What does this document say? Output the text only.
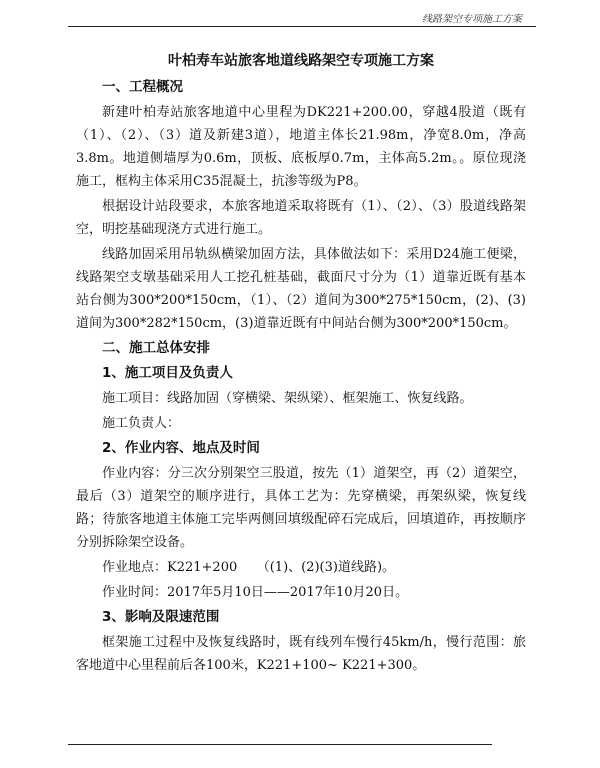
线路架空专项施工方案
叶柏寿车站旅客地道线路架空专项施工方案
一、工程概况

新建叶柏寿站旅客地道中心里程为DK221+200.00，穿越4股道（既有（1）、（2）、（3）道及新建3道），地道主体长21.98m，净宽8.0m，净高3.8m。地道侧墙厚为0.6m，顶板、底板厚0.7m，主体高5.2m。。原位现浇施工，框构主体采用C35混凝土，抗渗等级为P8。

根据设计站段要求，本旅客地道采取将既有（1）、（2）、（3）股道线路架空，明挖基础现浇方式进行施工。

线路加固采用吊轨纵横梁加固方法，具体做法如下：采用D24施工便梁，线路架空支墩基础采用人工挖孔桩基础，截面尺寸分为（1）道靠近既有基本站台侧为300*200*150cm，（1）、（2）道间为300*275*150cm，(2)、(3)道间为300*282*150cm，(3)道靠近既有中间站台侧为300*200*150cm。

二、施工总体安排
1、施工项目及负责人

施工项目：线路加固（穿横梁、架纵梁）、框架施工、恢复线路。

施工负责人：

2、作业内容、地点及时间

作业内容：分三次分别架空三股道，按先（1）道架空，再（2）道架空，最后（3）道架空的顺序进行，具体工艺为：先穿横梁，再架纵梁，恢复线路；待旅客地道主体施工完毕两侧回填级配碎石完成后，回填道砟，再按顺序分别拆除架空设备。

作业地点：K221+200　　（(1)、(2)(3)道线路)。

作业时间：2017年5月10日——2017年10月20日。

3、影响及限速范围

框架施工过程中及恢复线路时，既有线列车慢行45km/h，慢行范围：旅客地道中心里程前后各100米，K221+100~ K221+300。
